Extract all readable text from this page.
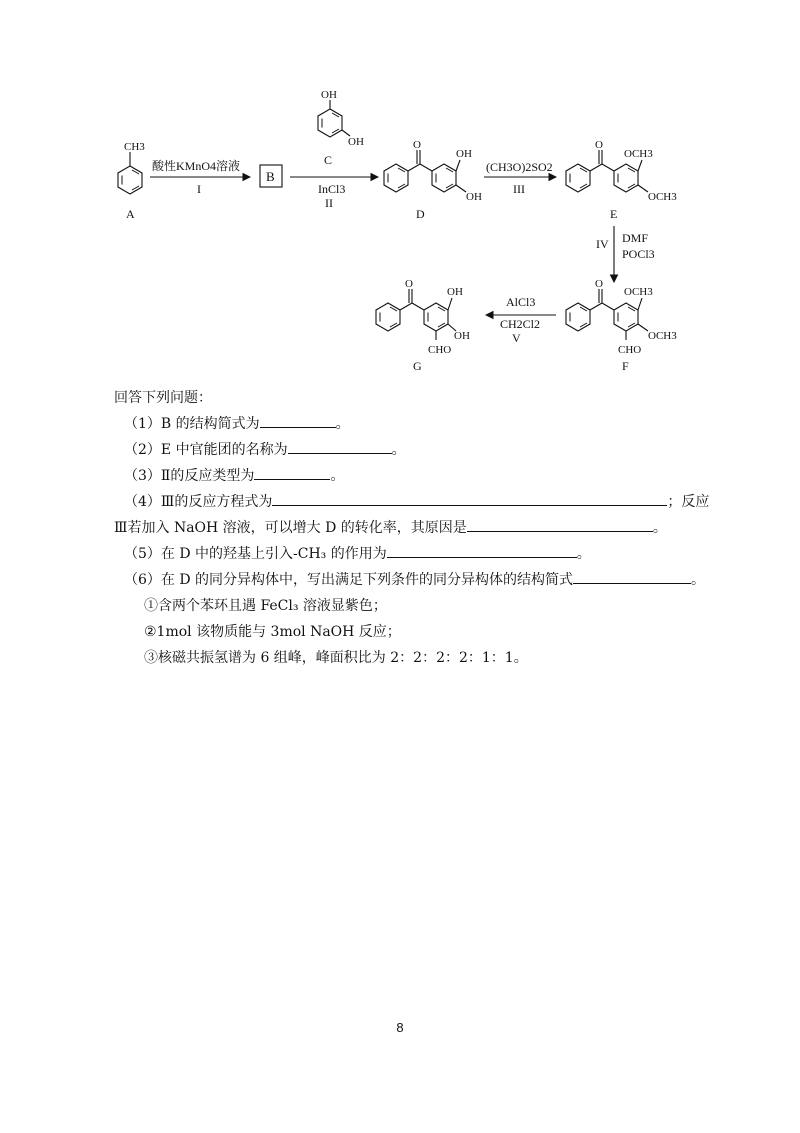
CH3
A
酸性KMnO4溶液
I
B
OH
OH
C
InCl3
II
O
OH
OH
D
(CH3O)2SO2
III
O
OCH3
OCH3
E
IV DMF
POCl3
O
OCH3
OCH3
CHO
F
AlCl3
CH2Cl2
V
O
OH
OH
CHO
G
回答下列问题：
（1）B 的结构简式为	。
（2）E 中官能团的名称为	。
（3）Ⅱ的反应类型为	。
（4）Ⅲ的反应方程式为	；反应
Ⅲ若加入 NaOH 溶液，可以增大 D 的转化率，其原因是	。
（5）在 D 中的羟基上引入-CH₃ 的作用为	。
（6）在 D 的同分异构体中，写出满足下列条件的同分异构体的结构简式	。
①含两个苯环且遇 FeCl₃ 溶液显紫色；
②1mol 该物质能与 3mol NaOH 反应；
③核磁共振氢谱为 6 组峰，峰面积比为 2：2：2：2：1：1。
8
